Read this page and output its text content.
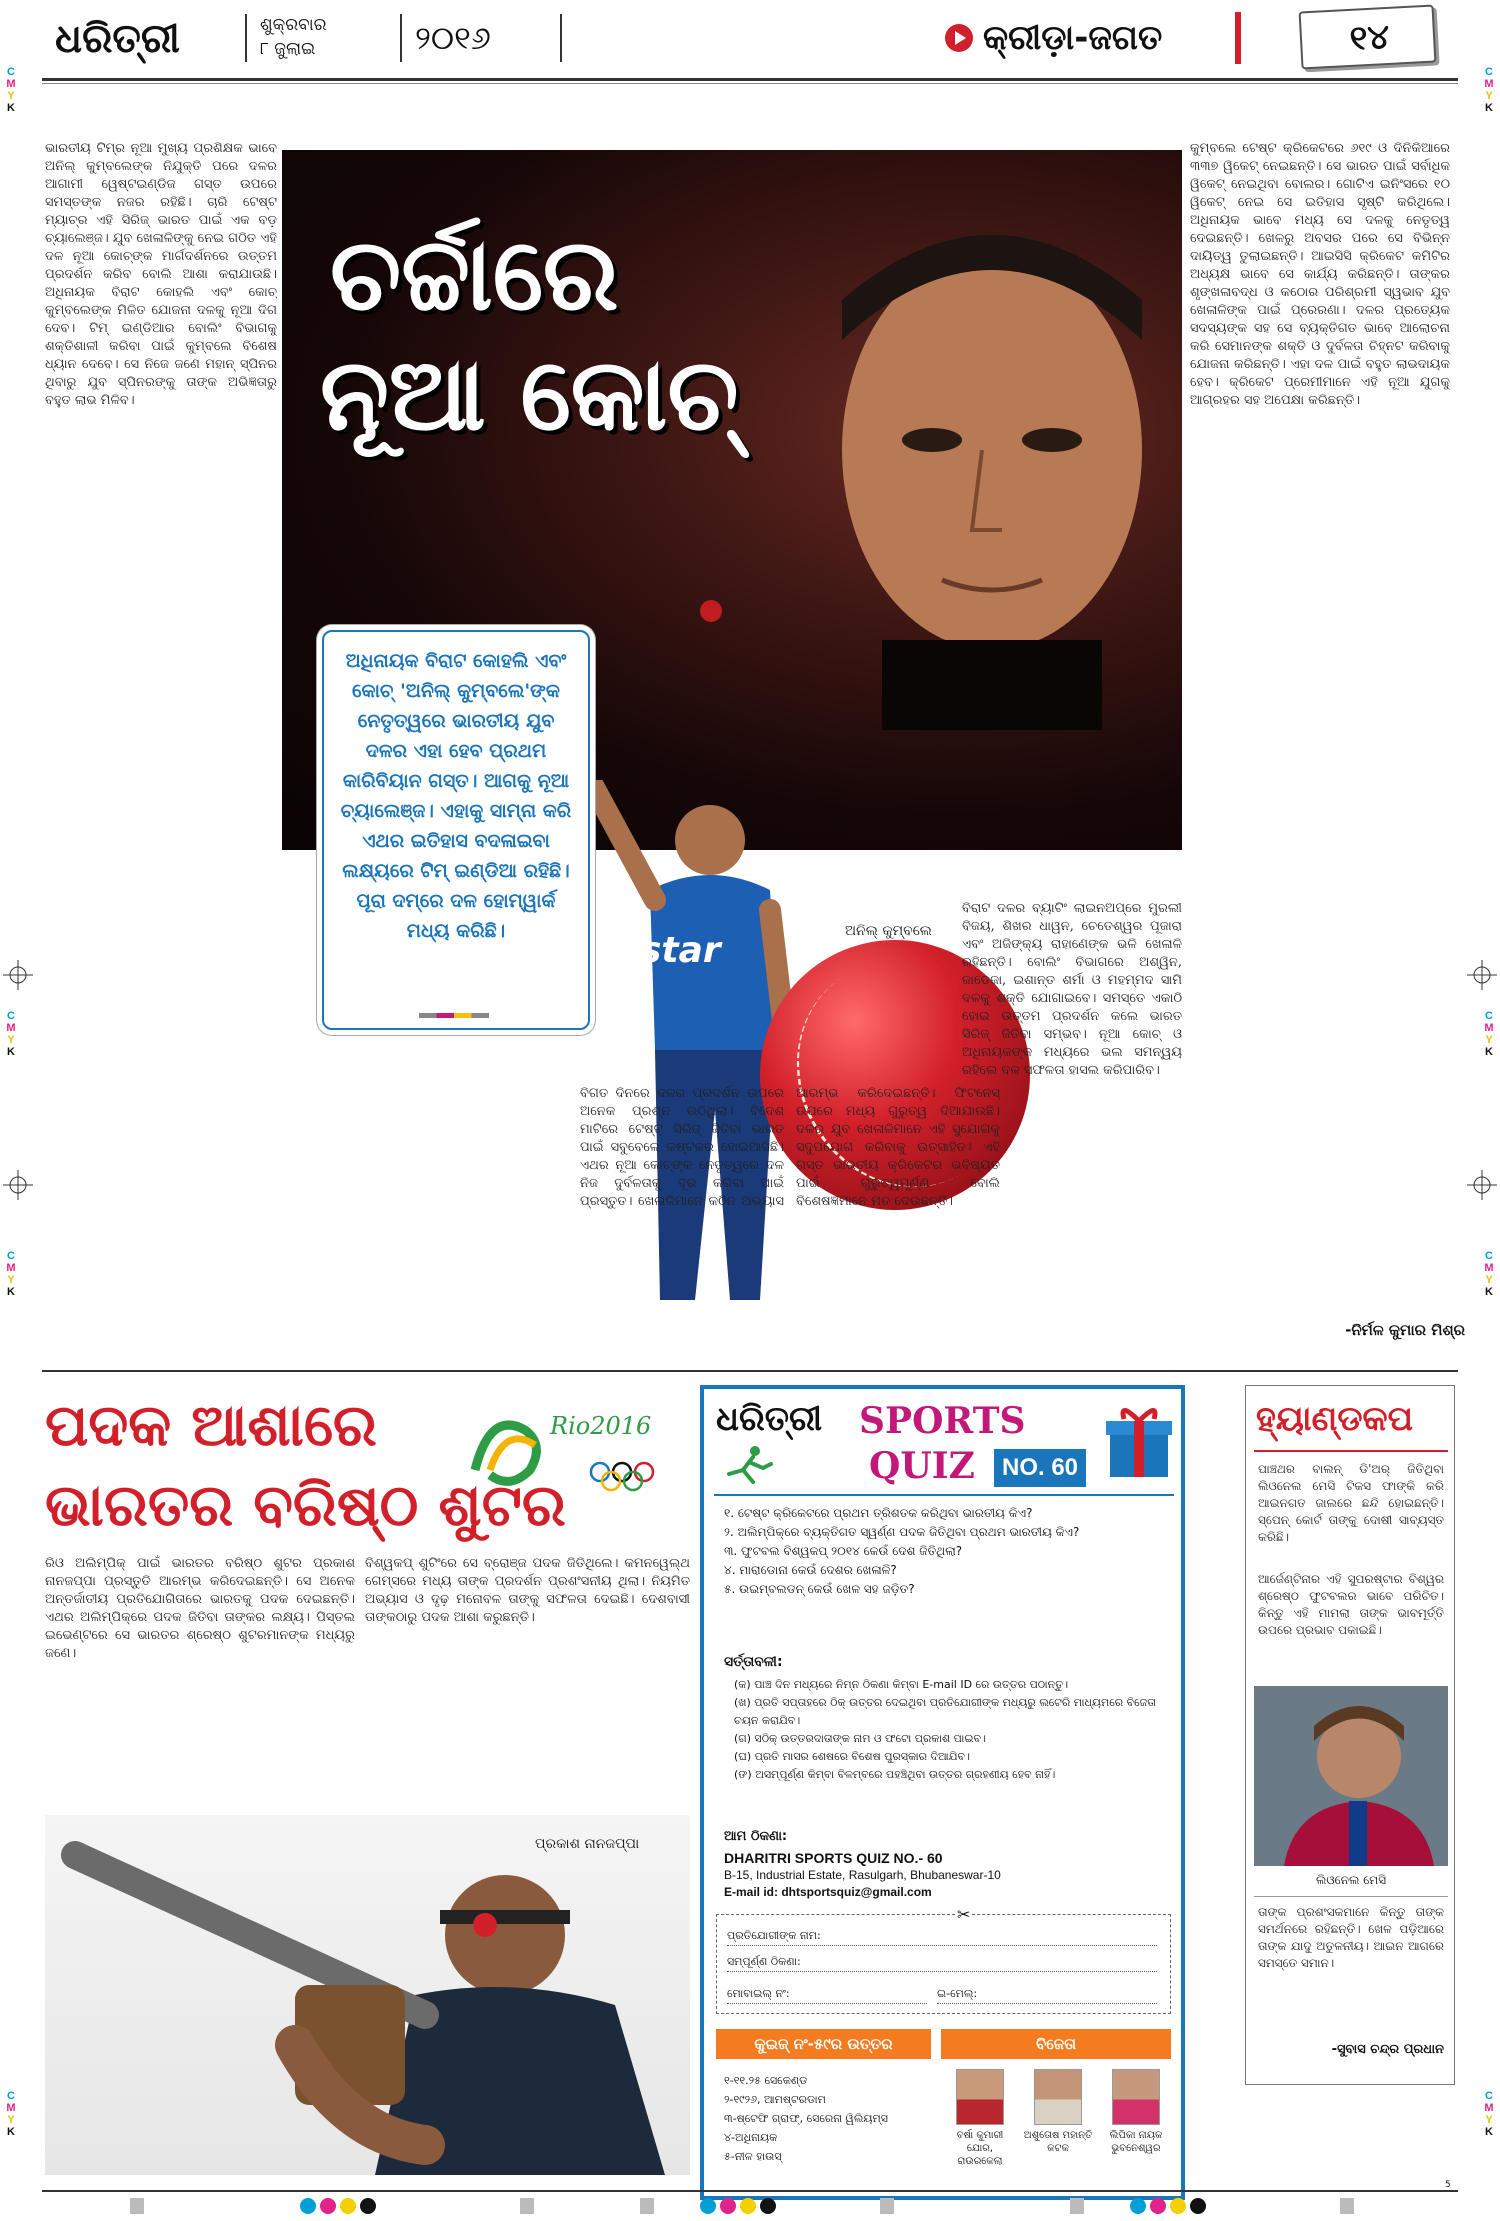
ଧରିତ୍ରୀ	ଶୁକ୍ରବାର
୮ ଜୁଲାଇ	୨୦୧୬	କ୍ରୀଡ଼ା-ଜଗତ	୧୪
C
M
Y
K
C
M
Y
K
C
M
Y
K
C
M
Y
K
C
M
Y
K
C
M
Y
K
C
M
Y
K
C
M
Y
K
ଭାରତୀୟ ଟିମ୍‌ର ନୂଆ ମୁଖ୍ୟ ପ୍ରଶିକ୍ଷକ ଭାବେ ଅନିଲ୍ କୁମ୍ବଲେଙ୍କ ନିଯୁକ୍ତି ପରେ ଦଳର ଆଗାମୀ ୱେଷ୍ଟଇଣ୍ଡିଜ ଗସ୍ତ ଉପରେ ସମସ୍ତଙ୍କ ନଜର ରହିଛି। ଚାରି ଟେଷ୍ଟ ମ୍ୟାଚ୍‌ର ଏହି ସିରିଜ୍ ଭାରତ ପାଇଁ ଏକ ବଡ଼ ଚ୍ୟାଲେଞ୍ଜ। ଯୁବ ଖେଳାଳିଙ୍କୁ ନେଇ ଗଠିତ ଏହି ଦଳ ନୂଆ କୋଚ୍‌ଙ୍କ ମାର୍ଗଦର୍ଶନରେ ଉତ୍ତମ ପ୍ରଦର୍ଶନ କରିବ ବୋଲି ଆଶା କରାଯାଉଛି। ଅଧିନାୟକ ବିରାଟ କୋହଲି ଏବଂ କୋଚ୍ କୁମ୍ବଲେଙ୍କ ମିଳିତ ଯୋଜନା ଦଳକୁ ନୂଆ ଦିଗ ଦେବ। ଟିମ୍ ଇଣ୍ଡିଆର ବୋଲିଂ ବିଭାଗକୁ ଶକ୍ତିଶାଳୀ କରିବା ପାଇଁ କୁମ୍ବଲେ ବିଶେଷ ଧ୍ୟାନ ଦେବେ। ସେ ନିଜେ ଜଣେ ମହାନ୍ ସ୍ପିନର ଥିବାରୁ ଯୁବ ସ୍ପିନରଙ୍କୁ ତାଙ୍କ ଅଭିଜ୍ଞତାରୁ ବହୁତ ଲାଭ ମିଳିବ।
ଚର୍ଚ୍ଚାରେ
ନୂଆ କୋଚ୍
star
ଅଧିନାୟକ ବିରାଟ କୋହଲି ଏବଂ କୋଚ୍ 'ଅନିଲ୍ କୁମ୍ବଲେ'ଙ୍କ ନେତୃତ୍ୱରେ ଭାରତୀୟ ଯୁବ ଦଳର ଏହା ହେବ ପ୍ରଥମ କାରିବିୟାନ ଗସ୍ତ। ଆଗକୁ ନୂଆ ଚ୍ୟାଲେଞ୍ଜ। ଏହାକୁ ସାମ୍ନା କରି ଏଥର ଇତିହାସ ବଦଳାଇବା ଲକ୍ଷ୍ୟରେ ଟିମ୍ ଇଣ୍ଡିଆ ରହିଛି। ପୂରା ଦମ୍‌ରେ ଦଳ ହୋମ୍‌ୱାର୍କ ମଧ୍ୟ କରିଛି।	ଅନିଲ୍ କୁମ୍ବଲେ
ବିଗତ ଦିନରେ ଦଳର ପ୍ରଦର୍ଶନ ଉପରେ ଅନେକ ପ୍ରଶ୍ନ ଉଠିଥିଲା। ବିଦେଶ ମାଟିରେ ଟେଷ୍ଟ ସିରିଜ୍ ଜିତିବା ଭାରତ ପାଇଁ ସବୁବେଳେ କଷ୍ଟକର ହୋଇଆସିଛି। ଏଥର ନୂଆ କୋଚ୍‌ଙ୍କ ନେତୃତ୍ୱରେ ଦଳ ନିଜ ଦୁର୍ବଳତାକୁ ଦୂର କରିବା ପାଇଁ ପ୍ରସ୍ତୁତ। ଖେଳାଳିମାନେ କଠିନ ଅଭ୍ୟାସ ଆରମ୍ଭ କରିଦେଇଛନ୍ତି। ଫିଟନେସ୍ ଉପରେ ମଧ୍ୟ ଗୁରୁତ୍ୱ ଦିଆଯାଉଛି। ଦଳର ଯୁବ ଖେଳାଳିମାନେ ଏହି ସୁଯୋଗକୁ ସଦୁପଯୋଗ କରିବାକୁ ଉତ୍ସାହିତ। ଏହି ଗସ୍ତ ଭାରତୀୟ କ୍ରିକେଟର ଭବିଷ୍ୟତ ପାଇଁ ଗୁରୁତ୍ୱପୂର୍ଣ୍ଣ ବୋଲି ବିଶେଷଜ୍ଞମାନେ ମତ ଦେଉଛନ୍ତି।
ବିରାଟ ଦଳର ବ୍ୟାଟିଂ ଲାଇନଅପ୍‌ରେ ମୁରଲୀ ବିଜୟ, ଶିଖର ଧାୱନ, ଚେତେଶ୍ୱର ପୂଜାରା ଏବଂ ଅଜିଙ୍କ୍ୟ ରାହାଣେଙ୍କ ଭଳି ଖେଳାଳି ରହିଛନ୍ତି। ବୋଲିଂ ବିଭାଗରେ ଅଶ୍ୱିନ, ଜାଡେଜା, ଇଶାନ୍ତ ଶର୍ମା ଓ ମହମ୍ମଦ ସାମି ଦଳକୁ ଶକ୍ତି ଯୋଗାଇବେ। ସମସ୍ତେ ଏକାଠି ହୋଇ ଉତ୍ତମ ପ୍ରଦର୍ଶନ କଲେ ଭାରତ ସିରିଜ୍ ଜିତିବା ସମ୍ଭବ। ନୂଆ କୋଚ୍ ଓ ଅଧିନାୟକଙ୍କ ମଧ୍ୟରେ ଭଲ ସମନ୍ୱୟ ରହିଲେ ଦଳ ସଫଳତା ହାସଲ କରିପାରିବ।
କୁମ୍ବଲେ ଟେଷ୍ଟ କ୍ରିକେଟରେ ୬୧୯ ଓ ଦିନିକିଆରେ ୩୩୭ ୱିକେଟ୍ ନେଇଛନ୍ତି। ସେ ଭାରତ ପାଇଁ ସର୍ବାଧିକ ୱିକେଟ୍ ନେଇଥିବା ବୋଲର। ଗୋଟିଏ ଇନିଂସରେ ୧୦ ୱିକେଟ୍ ନେଇ ସେ ଇତିହାସ ସୃଷ୍ଟି କରିଥିଲେ। ଅଧିନାୟକ ଭାବେ ମଧ୍ୟ ସେ ଦଳକୁ ନେତୃତ୍ୱ ଦେଇଛନ୍ତି। ଖେଳରୁ ଅବସର ପରେ ସେ ବିଭିନ୍ନ ଦାୟିତ୍ୱ ତୁଲାଇଛନ୍ତି। ଆଇସିସି କ୍ରିକେଟ କମିଟିର ଅଧ୍ୟକ୍ଷ ଭାବେ ସେ କାର୍ଯ୍ୟ କରିଛନ୍ତି। ତାଙ୍କର ଶୃଙ୍ଖଳାବଦ୍ଧ ଓ କଠୋର ପରିଶ୍ରମୀ ସ୍ୱଭାବ ଯୁବ ଖେଳାଳିଙ୍କ ପାଇଁ ପ୍ରେରଣା। ଦଳର ପ୍ରତ୍ୟେକ ସଦସ୍ୟଙ୍କ ସହ ସେ ବ୍ୟକ୍ତିଗତ ଭାବେ ଆଲୋଚନା କରି ସେମାନଙ୍କ ଶକ୍ତି ଓ ଦୁର୍ବଳତା ଚିହ୍ନଟ କରିବାକୁ ଯୋଜନା କରିଛନ୍ତି। ଏହା ଦଳ ପାଇଁ ବହୁତ ଲାଭଦାୟକ ହେବ। କ୍ରିକେଟ ପ୍ରେମୀମାନେ ଏହି ନୂଆ ଯୁଗକୁ ଆଗ୍ରହର ସହ ଅପେକ୍ଷା କରିଛନ୍ତି।
-ନିର୍ମଳ କୁମାର ମିଶ୍ର
ପଦକ ଆଶାରେ
ଭାରତର ବରିଷ୍ଠ ଶୁଟର
Rio2016
ରିଓ ଅଲିମ୍ପିକ୍ ପାଇଁ ଭାରତର ବରିଷ୍ଠ ଶୁଟର ପ୍ରକାଶ ନାନଜପ୍ପା ପ୍ରସ୍ତୁତି ଆରମ୍ଭ କରିଦେଇଛନ୍ତି। ସେ ଅନେକ ଅନ୍ତର୍ଜାତୀୟ ପ୍ରତିଯୋଗିତାରେ ଭାରତକୁ ପଦକ ଦେଇଛନ୍ତି। ଏଥର ଅଲିମ୍ପିକ୍‌ରେ ପଦକ ଜିତିବା ତାଙ୍କର ଲକ୍ଷ୍ୟ। ପିସ୍ତଲ ଇଭେଣ୍ଟରେ ସେ ଭାରତର ଶ୍ରେଷ୍ଠ ଶୁଟରମାନଙ୍କ ମଧ୍ୟରୁ ଜଣେ।
ବିଶ୍ୱକପ୍ ଶୁଟିଂରେ ସେ ବ୍ରୋଞ୍ଜ ପଦକ ଜିତିଥିଲେ। କମନୱେଲ୍‌ଥ ଗେମ୍‌ସରେ ମଧ୍ୟ ତାଙ୍କ ପ୍ରଦର୍ଶନ ପ୍ରଶଂସନୀୟ ଥିଲା। ନିୟମିତ ଅଭ୍ୟାସ ଓ ଦୃଢ଼ ମନୋବଳ ତାଙ୍କୁ ସଫଳତା ଦେଇଛି। ଦେଶବାସୀ ତାଙ୍କଠାରୁ ପଦକ ଆଶା କରୁଛନ୍ତି।
ପ୍ରକାଶ ନାନଜପ୍ପା
ଧରିତ୍ରୀ	SPORTS
QUIZ	NO. 60
୧. ଟେଷ୍ଟ କ୍ରିକେଟରେ ପ୍ରଥମ ତ୍ରିଶତକ କରିଥିବା ଭାରତୀୟ କିଏ?
୨. ଅଲିମ୍ପିକ୍‌ରେ ବ୍ୟକ୍ତିଗତ ସ୍ୱର୍ଣ୍ଣ ପଦକ ଜିତିଥିବା ପ୍ରଥମ ଭାରତୀୟ କିଏ?
୩. ଫୁଟବଲ ବିଶ୍ୱକପ୍ ୨୦୧୪ କେଉଁ ଦେଶ ଜିତିଥିଲା?
୪. ମାରାଡୋନା କେଉଁ ଦେଶର ଖେଳାଳି?
୫. ଉଇମ୍ବଲଡନ୍ କେଉଁ ଖେଳ ସହ ଜଡ଼ିତ?
ସର୍ତ୍ତାବଳୀ:
(କ) ପାଞ୍ଚ ଦିନ ମଧ୍ୟରେ ନିମ୍ନ ଠିକଣା କିମ୍ବା E-mail ID ରେ ଉତ୍ତର ପଠାନ୍ତୁ।
(ଖ) ପ୍ରତି ସପ୍ତାହରେ ଠିକ୍ ଉତ୍ତର ଦେଇଥିବା ପ୍ରତିଯୋଗୀଙ୍କ ମଧ୍ୟରୁ ଲଟେରି ମାଧ୍ୟମରେ ବିଜେତା ଚୟନ କରାଯିବ।
(ଗ) ସଠିକ୍ ଉତ୍ତରଦାତାଙ୍କ ନାମ ଓ ଫଟୋ ପ୍ରକାଶ ପାଇବ।
(ଘ) ପ୍ରତି ମାସର ଶେଷରେ ବିଶେଷ ପୁରସ୍କାର ଦିଆଯିବ।
(ଙ) ଅସମ୍ପୂର୍ଣ୍ଣ କିମ୍ବା ବିଳମ୍ବରେ ପହଞ୍ଚିଥିବା ଉତ୍ତର ଗ୍ରହଣୀୟ ହେବ ନାହିଁ।
ଆମ ଠିକଣା:
DHARITRI SPORTS QUIZ NO.- 60
B-15, Industrial Estate, Rasulgarh, Bhubaneswar-10
E-mail id: dhtsportsquiz@gmail.com
✂
ପ୍ରତିଯୋଗୀଙ୍କ ନାମ:
ସମ୍ପୂର୍ଣ୍ଣ ଠିକଣା:
ମୋବାଇଲ୍ ନଂ:	ଇ-ମେଲ୍:
କୁଇଜ୍ ନଂ-୫୯ର ଉତ୍ତର	ବିଜେତା
୧-୧୧.୨୫ ସେକେଣ୍ଡ
୨-୧୯୨୬, ଆମଷ୍ଟରଡାମ
୩-ଷ୍ଟେଫି ଗ୍ରାଫ୍, ସେରେନା ୱିଲିୟମ୍ସ
୪-ଅଧିନାୟକ
୫-ନୀଳ ହାଉସ୍
ବର୍ଷା କୁମାରୀ
ଯୋର, ରାଉରକେଲା
ଅଶୁତୋଷ ମହାନ୍ତି
କଟକ
ଲିପିକା ନାୟକ
ଭୁବନେଶ୍ୱର
ହ୍ୟାଣ୍ଡକପ
ପାଞ୍ଚଥର ବାଲନ୍ ଡି'ଅର୍ ଜିତିଥିବା ଲିଓନେଲ ମେସି ଟିକସ ଫାଙ୍କି କରି ଆଇନଗତ ଜାଲରେ ଛନ୍ଦି ହୋଇଛନ୍ତି। ସ୍ପେନ୍ କୋର୍ଟ ତାଙ୍କୁ ଦୋଷୀ ସାବ୍ୟସ୍ତ କରିଛି।
ଆର୍ଜେଣ୍ଟିନାର ଏହି ସୁପରଷ୍ଟାର ବିଶ୍ୱର ଶ୍ରେଷ୍ଠ ଫୁଟବଲର ଭାବେ ପରିଚିତ। କିନ୍ତୁ ଏହି ମାମଲା ତାଙ୍କ ଭାବମୂର୍ତ୍ତି ଉପରେ ପ୍ରଭାବ ପକାଇଛି।
ଲିଓନେଲ ମେସି
ତାଙ୍କ ପ୍ରଶଂସକମାନେ କିନ୍ତୁ ତାଙ୍କ ସମର୍ଥନରେ ରହିଛନ୍ତି। ଖେଳ ପଡ଼ିଆରେ ତାଙ୍କ ଯାଦୁ ଅତୁଳନୀୟ। ଆଇନ ଆଗରେ ସମସ୍ତେ ସମାନ।
-ସୁବାସ ଚନ୍ଦ୍ର ପ୍ରଧାନ
5
